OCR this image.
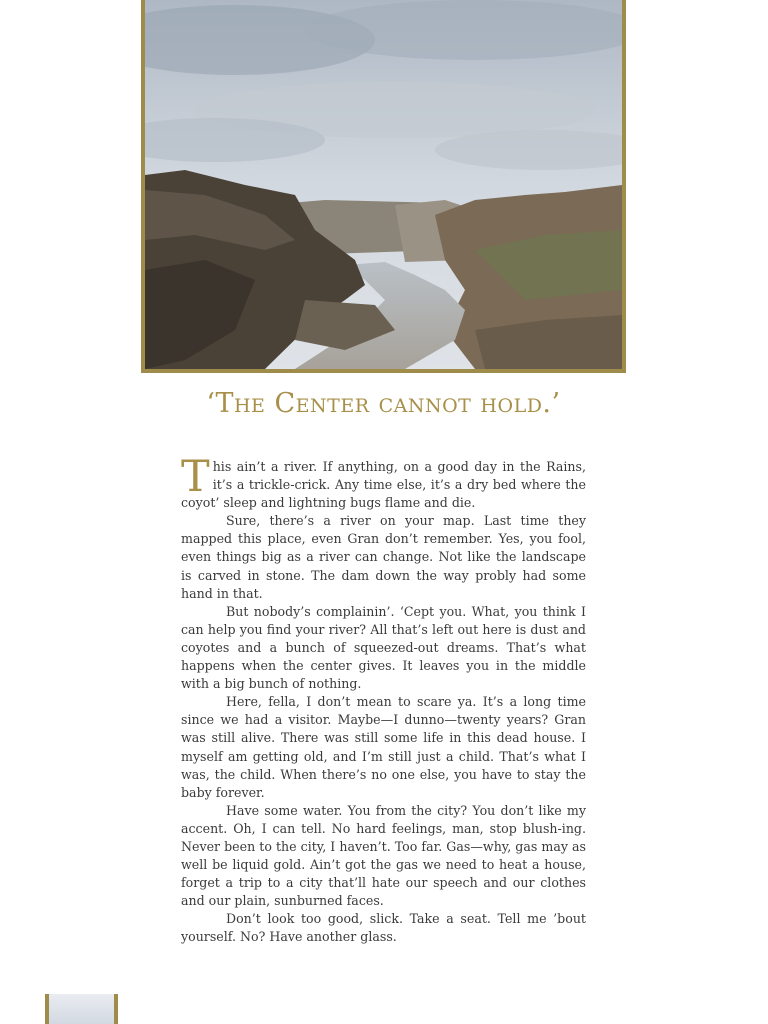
‘The Center cannot hold.’

This ain’t a river. If anything, on a good day in the Rains, it’s a trickle-crick. Any time else, it’s a dry bed where the coyot’ sleep and lightning bugs flame and die.

Sure, there’s a river on your map. Last time they mapped this place, even Gran don’t remember. Yes, you fool, even things big as a river can change. Not like the landscape is carved in stone. The dam down the way probly had some hand in that.

But nobody’s complainin’. ‘Cept you. What, you think I can help you find your river? All that’s left out here is dust and coyotes and a bunch of squeezed-out dreams. That’s what happens when the center gives. It leaves you in the middle with a big bunch of nothing.

Here, fella, I don’t mean to scare ya. It’s a long time since we had a visitor. Maybe—I dunno—twenty years? Gran was still alive. There was still some life in this dead house. I myself am getting old, and I’m still just a child. That’s what I was, the child. When there’s no one else, you have to stay the baby forever.

Have some water. You from the city? You don’t like my accent. Oh, I can tell. No hard feelings, man, stop blush-ing. Never been to the city, I haven’t. Too far. Gas—why, gas may as well be liquid gold. Ain’t got the gas we need to heat a house, forget a trip to a city that’ll hate our speech and our clothes and our plain, sunburned faces.

Don’t look too good, slick. Take a seat. Tell me ’bout yourself. No? Have another glass.
